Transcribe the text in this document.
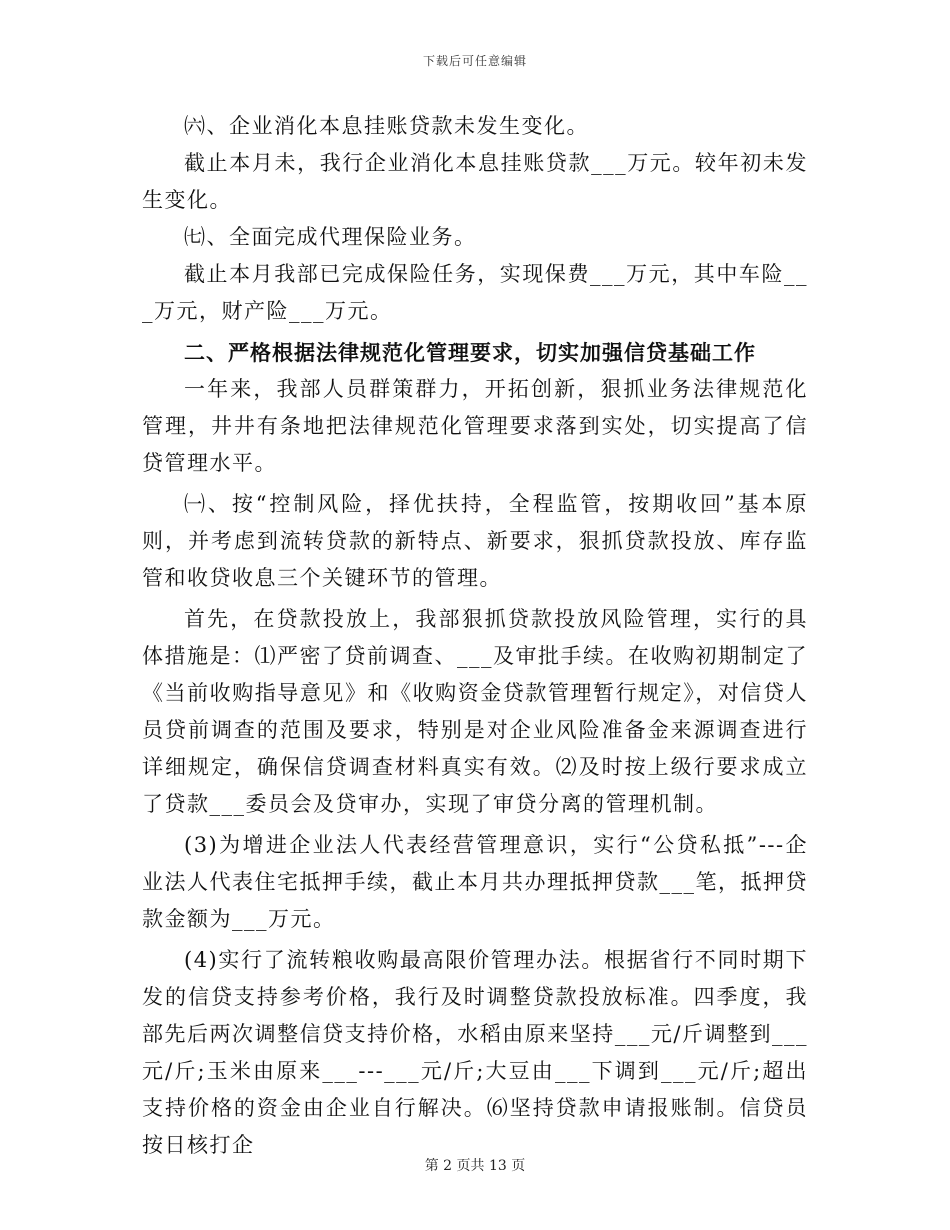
下载后可任意编辑

㈥、企业消化本息挂账贷款未发生变化。

截止本月未，我行企业消化本息挂账贷款___万元。较年初未发生变化。

㈦、全面完成代理保险业务。

截止本月我部已完成保险任务，实现保费___万元，其中车险___万元，财产险___万元。

二、严格根据法律规范化管理要求，切实加强信贷基础工作

一年来，我部人员群策群力，开拓创新，狠抓业务法律规范化管理，井井有条地把法律规范化管理要求落到实处，切实提高了信贷管理水平。

㈠、按“控制风险，择优扶持，全程监管，按期收回”基本原则，并考虑到流转贷款的新特点、新要求，狠抓贷款投放、库存监管和收贷收息三个关键环节的管理。

首先，在贷款投放上，我部狠抓贷款投放风险管理，实行的具体措施是：⑴严密了贷前调查、___及审批手续。在收购初期制定了《当前收购指导意见》和《收购资金贷款管理暂行规定》，对信贷人员贷前调查的范围及要求，特别是对企业风险准备金来源调查进行详细规定，确保信贷调查材料真实有效。⑵及时按上级行要求成立了贷款___委员会及贷审办，实现了审贷分离的管理机制。

(3)为增进企业法人代表经营管理意识，实行“公贷私抵”---企业法人代表住宅抵押手续，截止本月共办理抵押贷款___笔，抵押贷款金额为___万元。

(4)实行了流转粮收购最高限价管理办法。根据省行不同时期下发的信贷支持参考价格，我行及时调整贷款投放标准。四季度，我部先后两次调整信贷支持价格，水稻由原来坚持___元/斤调整到___元/斤;玉米由原来___---___元/斤;大豆由___下调到___元/斤;超出支持价格的资金由企业自行解决。⑹坚持贷款申请报账制。信贷员按日核打企

第 2 页共 13 页
